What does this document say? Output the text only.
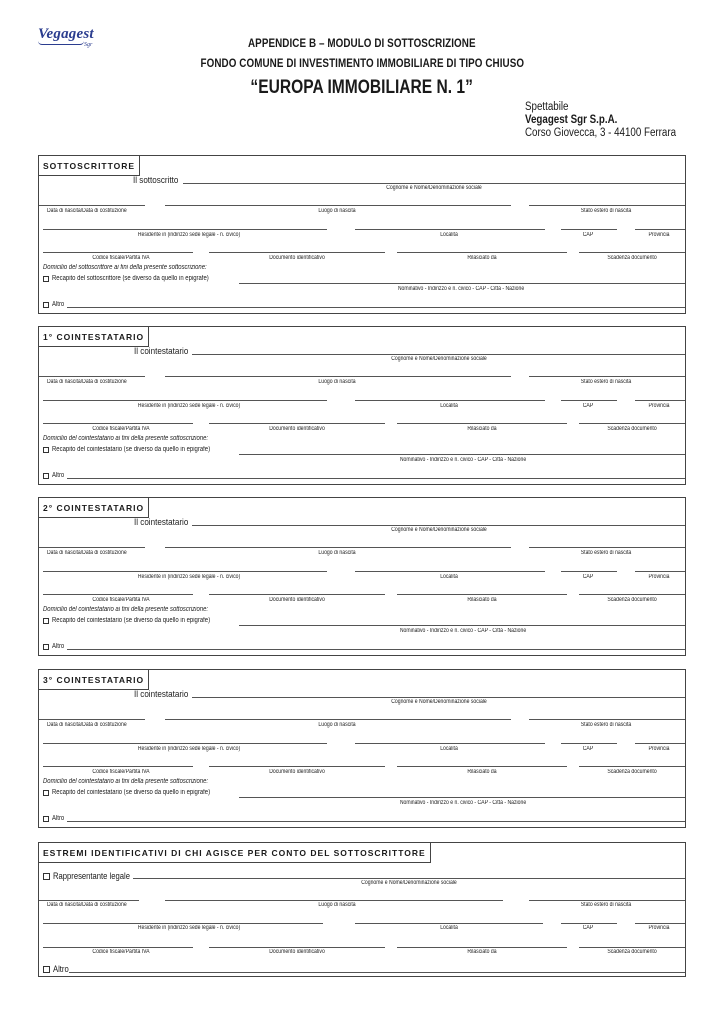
Vegagest
Sgr	APPENDICE B – MODULO DI SOTTOSCRIZIONE
FONDO COMUNE DI INVESTIMENTO IMMOBILIARE DI TIPO CHIUSO
“EUROPA IMMOBILIARE N. 1”
Spettabile
Vegagest Sgr S.p.A.
Corso Giovecca, 3 - 44100 Ferrara
SOTTOSCRITTORE
Il sottoscritto
Cognome e Nome/Denominazione sociale
Data di nascita/Data di costituzione	Luogo di nascita	Stato estero di nascita
Residente in (indirizzo sede legale - n. civico)	Località	CAP	Provincia
Codice fiscale/Partita IVA	Documento identificativo	Rilasciato da	Scadenza documento
Domicilio del sottoscrittore ai fini della presente sottoscrizione:
Recapito del sottoscrittore (se diverso da quello in epigrafe)
Nominativo - Indirizzo e n. civico - CAP - Città - Nazione
Altro
1° COINTESTATARIO
Il cointestatario
Cognome e Nome/Denominazione sociale
Data di nascita/Data di costituzione	Luogo di nascita	Stato estero di nascita
Residente in (indirizzo sede legale - n. civico)	Località	CAP	Provincia
Codice fiscale/Partita IVA	Documento identificativo	Rilasciato da	Scadenza documento
Domicilio del cointestatario ai fini della presente sottoscrizione:
Recapito del cointestatario (se diverso da quello in epigrafe)
Nominativo - Indirizzo e n. civico - CAP - Città - Nazione
Altro
2° COINTESTATARIO
Il cointestatario
Cognome e Nome/Denominazione sociale
Data di nascita/Data di costituzione	Luogo di nascita	Stato estero di nascita
Residente in (indirizzo sede legale - n. civico)	Località	CAP	Provincia
Codice fiscale/Partita IVA	Documento identificativo	Rilasciato da	Scadenza documento
Domicilio del cointestatario ai fini della presente sottoscrizione:
Recapito del cointestatario (se diverso da quello in epigrafe)
Nominativo - Indirizzo e n. civico - CAP - Città - Nazione
Altro
3° COINTESTATARIO
Il cointestatario
Cognome e Nome/Denominazione sociale
Data di nascita/Data di costituzione	Luogo di nascita	Stato estero di nascita
Residente in (indirizzo sede legale - n. civico)	Località	CAP	Provincia
Codice fiscale/Partita IVA	Documento identificativo	Rilasciato da	Scadenza documento
Domicilio del cointestatario ai fini della presente sottoscrizione:
Recapito del cointestatario (se diverso da quello in epigrafe)
Nominativo - Indirizzo e n. civico - CAP - Città - Nazione
Altro
ESTREMI IDENTIFICATIVI DI CHI AGISCE PER CONTO DEL SOTTOSCRITTORE
Rappresentante legale
Cognome e Nome/Denominazione sociale
Data di nascita/Data di costituzione	Luogo di nascita	Stato estero di nascita
Residente in (indirizzo sede legale - n. civico)	Località	CAP	Provincia
Codice fiscale/Partita IVA	Documento identificativo	Rilasciato da	Scadenza documento
Altro
